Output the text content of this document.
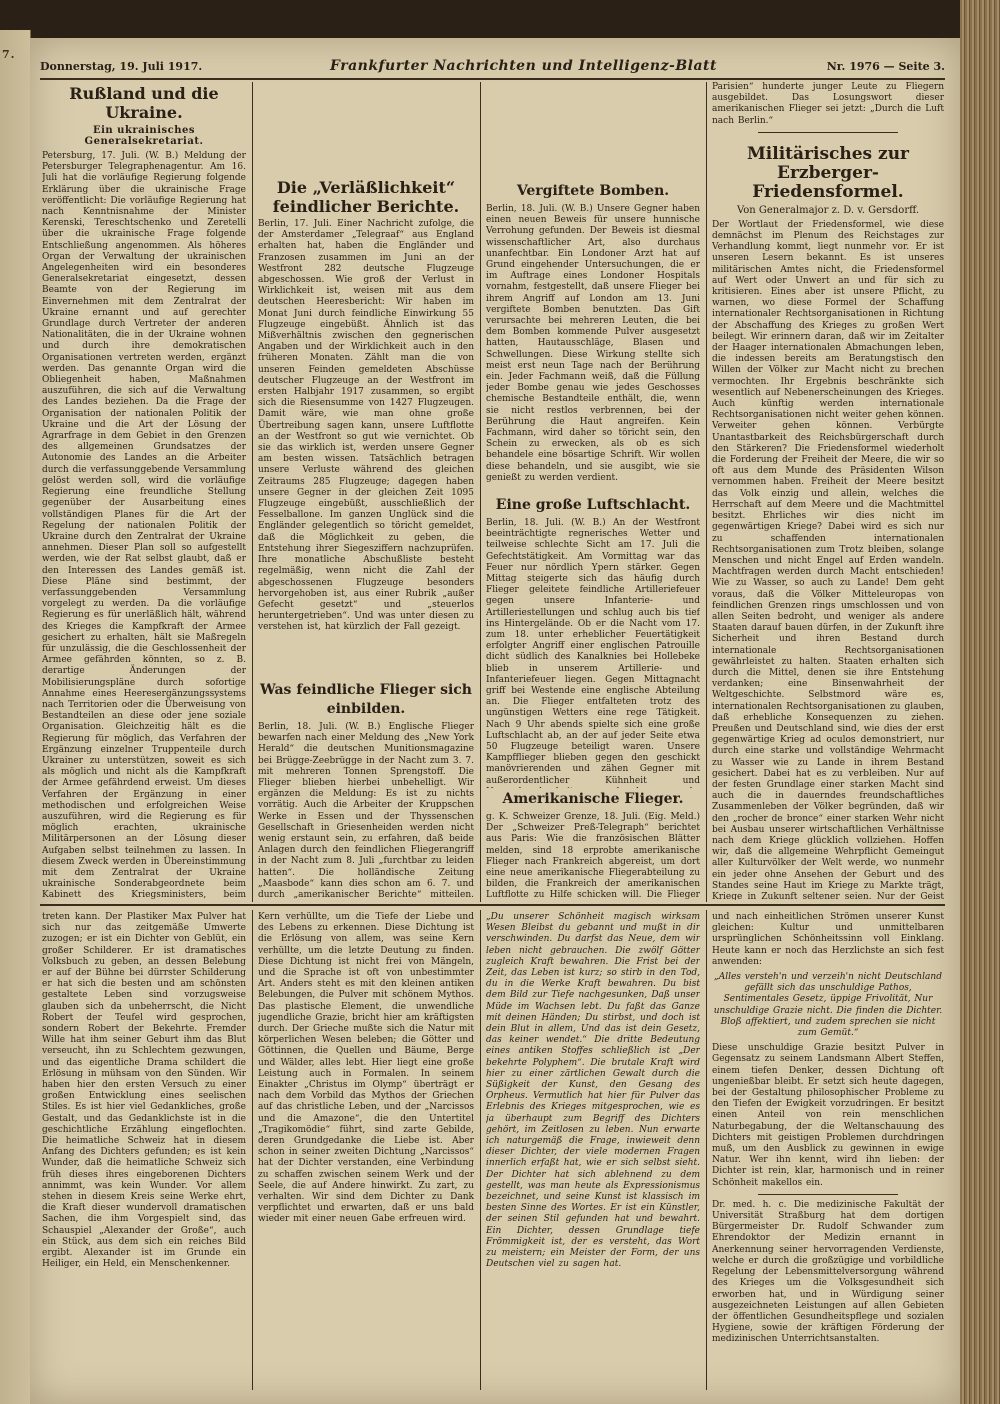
7.
Donnerstag, 19. Juli 1917.	Frankfurter Nachrichten und Intelligenz-Blatt	Nr. 1976 — Seite 3.
Rußland und die Ukraine.
Ein ukrainisches Generalsekretariat.

Petersburg, 17. Juli. (W. B.) Meldung der Petersburger Telegraphenagentur. Am 16. Juli hat die vorläufige Regierung folgende Erklärung über die ukrainische Frage veröffentlicht: Die vorläufige Regierung hat nach Kenntnisnahme der Minister Kerenski, Tereschtschenko und Zeretelli über die ukrainische Frage folgende Entschließung angenommen. Als höheres Organ der Verwaltung der ukrainischen Angelegenheiten wird ein besonderes Generalsekretariat eingesetzt, dessen Beamte von der Regierung im Einvernehmen mit dem Zentralrat der Ukraine ernannt und auf gerechter Grundlage durch Vertreter der anderen Nationalitäten, die in der Ukraine wohnen und durch ihre demokratischen Organisationen vertreten werden, ergänzt werden. Das genannte Organ wird die Obliegenheit haben, Maßnahmen auszuführen, die sich auf die Verwaltung des Landes beziehen. Da die Frage der Organisation der nationalen Politik der Ukraine und die Art der Lösung der Agrarfrage in dem Gebiet in den Grenzen des allgemeinen Grundsatzes der Autonomie des Landes an die Arbeiter durch die verfassunggebende Versammlung gelöst werden soll, wird die vorläufige Regierung eine freundliche Stellung gegenüber der Ausarbeitung eines vollständigen Planes für die Art der Regelung der nationalen Politik der Ukraine durch den Zentralrat der Ukraine annehmen. Dieser Plan soll so aufgestellt werden, wie der Rat selbst glaubt, daß er den Interessen des Landes gemäß ist. Diese Pläne sind bestimmt, der verfassunggebenden Versammlung vorgelegt zu werden. Da die vorläufige Regierung es für unerläßlich hält, während des Krieges die Kampfkraft der Armee gesichert zu erhalten, hält sie Maßregeln für unzulässig, die die Geschlossenheit der Armee gefährden könnten, so z. B. derartige Änderungen der Mobilisierungspläne durch sofortige Annahme eines Heeresergänzungssystems nach Territorien oder die Überweisung von Bestandteilen an diese oder jene soziale Organisation. Gleichzeitig hält es die Regierung für möglich, das Verfahren der Ergänzung einzelner Truppenteile durch Ukrainer zu unterstützen, soweit es sich als möglich und nicht als die Kampfkraft der Armee gefährdend erweist. Um dieses Verfahren der Ergänzung in einer methodischen und erfolgreichen Weise auszuführen, wird die Regierung es für möglich erachten, ukrainische Militärpersonen an der Lösung dieser Aufgaben selbst teilnehmen zu lassen. In diesem Zweck werden in Übereinstimmung mit dem Zentralrat der Ukraine ukrainische Sonderabgeordnete beim Kabinett des Kriegsministers, beim

Die „Verläßlichkeit“ feindlicher Berichte.

Berlin, 17. Juli. Einer Nachricht zufolge, die der Amsterdamer „Telegraaf“ aus England erhalten hat, haben die Engländer und Franzosen zusammen im Juni an der Westfront 282 deutsche Flugzeuge abgeschossen. Wie groß der Verlust in Wirklichkeit ist, weisen mit aus dem deutschen Heeresbericht: Wir haben im Monat Juni durch feindliche Einwirkung 55 Flugzeuge eingebüßt. Ähnlich ist das Mißverhältnis zwischen den gegnerischen Angaben und der Wirklichkeit auch in den früheren Monaten. Zählt man die von unseren Feinden gemeldeten Abschüsse deutscher Flugzeuge an der Westfront im ersten Halbjahr 1917 zusammen, so ergibt sich die Riesensumme von 1427 Flugzeugen. Damit wäre, wie man ohne große Übertreibung sagen kann, unsere Luftflotte an der Westfront so gut wie vernichtet. Ob sie das wirklich ist, werden unsere Gegner am besten wissen. Tatsächlich betragen unsere Verluste während des gleichen Zeitraums 285 Flugzeuge; dagegen haben unsere Gegner in der gleichen Zeit 1095 Flugzeuge eingebüßt, ausschließlich der Fesselballone. Im ganzen Unglück sind die Engländer gelegentlich so töricht gemeldet, daß die Möglichkeit zu geben, die Entstehung ihrer Siegesziffern nachzuprüfen. Ihre monatliche Abschußliste besteht regelmäßig, wenn nicht die Zahl der abgeschossenen Flugzeuge besonders hervorgehoben ist, aus einer Rubrik „außer Gefecht gesetzt“ und „steuerlos heruntergetrieben“. Und was unter diesen zu verstehen ist, hat kürzlich der Fall gezeigt.

Was feindliche Flieger sich einbilden.

Berlin, 18. Juli. (W. B.) Englische Flieger bewarfen nach einer Meldung des „New York Herald“ die deutschen Munitionsmagazine bei Brügge-Zeebrügge in der Nacht zum 3. 7. mit mehreren Tonnen Sprengstoff. Die Flieger blieben hierbei unbehelligt. Wir ergänzen die Meldung: Es ist zu nichts vorrätig. Auch die Arbeiter der Kruppschen Werke in Essen und der Thyssenschen Gesellschaft in Griesenheiden werden nicht wenig erstaunt sein, zu erfahren, daß beide Anlagen durch den feindlichen Fliegerangriff in der Nacht zum 8. Juli „furchtbar zu leiden hatten“. Die holländische Zeitung „Maasbode“ kann dies schon am 6. 7. und durch „amerikanischer Berichte“ mitteilen.

Vergiftete Bomben.

Berlin, 18. Juli. (W. B.) Unsere Gegner haben einen neuen Beweis für unsere hunnische Verrohung gefunden. Der Beweis ist diesmal wissenschaftlicher Art, also durchaus unanfechtbar. Ein Londoner Arzt hat auf Grund eingehender Untersuchungen, die er im Auftrage eines Londoner Hospitals vornahm, festgestellt, daß unsere Flieger bei ihrem Angriff auf London am 13. Juni vergiftete Bomben benutzten. Das Gift verursachte bei mehreren Leuten, die bei dem Bomben kommende Pulver ausgesetzt hatten, Hautausschläge, Blasen und Schwellungen. Diese Wirkung stellte sich meist erst neun Tage nach der Berührung ein. Jeder Fachmann weiß, daß die Füllung jeder Bombe genau wie jedes Geschosses chemische Bestandteile enthält, die, wenn sie nicht restlos verbrennen, bei der Berührung die Haut angreifen. Kein Fachmann, wird daher so töricht sein, den Schein zu erwecken, als ob es sich behandele eine bösartige Schrift. Wir wollen diese behandeln, und sie ausgibt, wie sie genießt zu werden verdient.

Eine große Luftschlacht.

Berlin, 18. Juli. (W. B.) An der Westfront beeinträchtigte regnerisches Wetter und teilweise schlechte Sicht am 17. Juli die Gefechtstätigkeit. Am Vormittag war das Feuer nur nördlich Ypern stärker. Gegen Mittag steigerte sich das häufig durch Flieger geleitete feindliche Artilleriefeuer gegen unsere Infanterie- und Artilleriestellungen und schlug auch bis tief ins Hintergelände. Ob er die Nacht vom 17. zum 18. unter erheblicher Feuertätigkeit erfolgter Angriff einer englischen Patrouille dicht südlich des Kanalknies bei Hollebeke blieb in unserem Artillerie- und Infanteriefeuer liegen. Gegen Mittagnacht griff bei Westende eine englische Abteilung an. Die Flieger entfalteten trotz des ungünstigen Wetters eine rege Tätigkeit. Nach 9 Uhr abends spielte sich eine große Luftschlacht ab, an der auf jeder Seite etwa 50 Flugzeuge beteiligt waren. Unsere Kampfflieger blieben gegen den geschickt manövrierenden und zähen Gegner mit außerordentlicher Kühnheit und

Amerikanische Flieger.

g. K. Schweizer Grenze, 18. Juli. (Eig. Meld.) Der „Schweizer Preß-Telegraph“ berichtet aus Paris: Wie die französischen Blätter melden, sind 18 erprobte amerikanische Flieger nach Frankreich abgereist, um dort eine neue amerikanische Fliegerabteilung zu bilden, die Frankreich der amerikanischen Luftflotte zu Hilfe schicken will. Die Flieger

Parisien“ hunderte junger Leute zu Fliegern ausgebildet. Das Losungswort dieser amerikanischen Flieger sei jetzt: „Durch die Luft nach Berlin.“

Militärisches zur Erzberger-Friedensformel.
Von Generalmajor z. D. v. Gersdorff.

Der Wortlaut der Friedensformel, wie diese demnächst im Plenum des Reichstages zur Verhandlung kommt, liegt nunmehr vor. Er ist unseren Lesern bekannt. Es ist unseres militärischen Amtes nicht, die Friedensformel auf Wert oder Unwert an und für sich zu kritisieren. Eines aber ist unsere Pflicht, zu warnen, wo diese Formel der Schaffung internationaler Rechtsorganisationen in Richtung der Abschaffung des Krieges zu großen Wert beilegt. Wir erinnern daran, daß wir im Zeitalter der Haager internationalen Abmachungen leben, die indessen bereits am Beratungstisch den Willen der Völker zur Macht nicht zu brechen vermochten. Ihr Ergebnis beschränkte sich wesentlich auf Nebenerscheinungen des Krieges. Auch künftig werden internationale Rechtsorganisationen nicht weiter gehen können. Verweiter gehen können. Verbürgte Unantastbarkeit des Reichsbürgerschaft durch den Stärkeren? Die Friedensformel wiederholt die Forderung der Freiheit der Meere, die wir so oft aus dem Munde des Präsidenten Wilson vernommen haben. Freiheit der Meere besitzt das Volk einzig und allein, welches die Herrschaft auf dem Meere und die Machtmittel besitzt. Ehrliches wir dies nicht im gegenwärtigen Kriege? Dabei wird es sich nur zu schaffenden internationalen Rechtsorganisationen zum Trotz bleiben, solange Menschen und nicht Engel auf Erden wandeln. Machtfragen werden durch Macht entschieden! Wie zu Wasser, so auch zu Lande! Dem geht voraus, daß die Völker Mitteleuropas von feindlichen Grenzen rings umschlossen und von allen Seiten bedroht, und weniger als andere Staaten darauf bauen dürfen, in der Zukunft ihre Sicherheit und ihren Bestand durch internationale Rechtsorganisationen gewährleistet zu halten. Staaten erhalten sich durch die Mittel, denen sie ihre Entstehung verdanken; eine Binsenwahrheit der Weltgeschichte. Selbstmord wäre es, internationalen Rechtsorganisationen zu glauben, daß erhebliche Konsequenzen zu ziehen. Preußen und Deutschland sind, wie dies der erst gegenwärtige Krieg ad oculos demonstriert, nur durch eine starke und vollständige Wehrmacht zu Wasser wie zu Lande in ihrem Bestand gesichert. Dabei hat es zu verbleiben. Nur auf der festen Grundlage einer starken Macht sind auch die in dauerndes freundschaftliches Zusammenleben der Völker begründen, daß wir den „rocher de bronce“ einer starken Wehr nicht bei Ausbau unserer wirtschaftlichen Verhältnisse nach dem Kriege glücklich vollziehen. Hoffen wir, daß die allgemeine Wehrpflicht Gemeingut aller Kulturvölker der Welt werde, wo nunmehr ein jeder ohne Ansehen der Geburt und des Standes seine Haut im Kriege zu Markte trägt, Kriege in Zukunft seltener seien. Nur der Geist

treten kann. Der Plastiker Max Pulver hat sich nur das zeitgemäße Umwerte zuzogen; er ist ein Dichter von Geblüt, ein großer Schilderer. Er ist dramatisches Volksbuch zu geben, an dessen Belebung er auf der Bühne bei dürrster Schilderung er hat sich die besten und am schönsten gestaltete Leben sind vorzugsweise glauben sich da unbeherrscht, die Nicht Robert der Teufel wird gesprochen, sondern Robert der Bekehrte. Fremder Wille hat ihm seiner Geburt ihm das Blut verseucht, ihn zu Schlechtem gezwungen, und das eigentliche Drama schildert die Erlösung in mühsam von den Sünden. Wir haben hier den ersten Versuch zu einer großen Entwicklung eines seelischen Stiles. Es ist hier viel Gedankliches, große Gestalt, und das Gedanklichste ist in die geschichtliche Erzählung eingeflochten. Die heimatliche Schweiz hat in diesem Anfang des Dichters gefunden; es ist kein Wunder, daß die heimatliche Schweiz sich früh dieses ihres eingeborenen Dichters annimmt, was kein Wunder. Vor allem stehen in diesem Kreis seine Werke ehrt, die Kraft dieser wundervoll dramatischen Sachen, die ihm Vorgespielt sind, das Schauspiel „Alexander der Große“, auch ein Stück, aus dem sich ein reiches Bild ergibt. Alexander ist im Grunde ein Heiliger, ein Held, ein Menschenkenner.

Kern verhüllte, um die Tiefe der Liebe und des Lebens zu erkennen. Diese Dichtung ist die Erlösung von allem, was seine Kern verhüllte, um die letzte Deutung zu finden. Diese Dichtung ist nicht frei von Mängeln, und die Sprache ist oft von unbestimmter Art. Anders steht es mit den kleinen antiken Belebungen, die Pulver mit schönem Mythos. Das plastische Element, die unwendliche jugendliche Grazie, bricht hier am kräftigsten durch. Der Grieche mußte sich die Natur mit körperlichen Wesen beleben; die Götter und Göttinnen, die Quellen und Bäume, Berge und Wälder, alles lebt. Hier liegt eine große Leistung auch in Formalen. In seinem Einakter „Christus im Olymp“ überträgt er nach dem Vorbild das Mythos der Griechen auf das christliche Leben, und der „Narcissos und die Amazone“, die den Untertitel „Tragikomödie“ führt, sind zarte Gebilde, deren Grundgedanke die Liebe ist. Aber schon in seiner zweiten Dichtung „Narcissos“ hat der Dichter verstanden, eine Verbindung zu schaffen zwischen seinem Werk und der Seele, die auf Andere hinwirkt. Zu zart, zu verhalten. Wir sind dem Dichter zu Dank verpflichtet und erwarten, daß er uns bald wieder mit einer neuen Gabe erfreuen wird.

„Du unserer Schönheit magisch wirksam Wesen Bleibst du gebannt und mußt in dir verschwinden. Du darfst das Neue, dem wir leben nicht gebrauchen. Die zwölf Götter zugleich Kraft bewahren. Die Frist bei der Zeit, das Leben ist kurz; so stirb in den Tod, du in die Werke Kraft bewahren. Du bist dem Bild zur Tiefe nachgesunken, Daß unser Müde im Wachsen lebt. Du faßt das Ganze mit deinen Händen; Du stirbst, und doch ist dein Blut in allem, Und das ist dein Gesetz, das keiner wendet.“ Die dritte Bedeutung eines antiken Stoffes schließlich ist „Der bekehrte Polyphem“. Die brutale Kraft wird hier zu einer zärtlichen Gewalt durch die Süßigkeit der Kunst, den Gesang des Orpheus. Vermutlich hat hier für Pulver das Erlebnis des Krieges mitgesprochen, wie es ja überhaupt zum Begriff des Dichters gehört, im Zeitlosen zu leben. Nun erwarte ich naturgemäß die Frage, inwieweit denn dieser Dichter, der viele modernen Fragen innerlich erfaßt hat, wie er sich selbst sieht. Der Dichter hat sich ablehnend zu dem gestellt, was man heute als Expressionismus bezeichnet, und seine Kunst ist klassisch im besten Sinne des Wortes. Er ist ein Künstler, der seinen Stil gefunden hat und bewahrt. Ein Dichter, dessen Grundlage tiefe Frömmigkeit ist, der es versteht, das Wort zu meistern; ein Meister der Form, der uns Deutschen viel zu sagen hat.

und nach einheitlichen Strömen unserer Kunst gleichen: Kultur und unmittelbaren ursprünglichen Schönheitssinn voll Einklang. Heute kann er noch das Herzlichste an sich fest anwenden:

„Alles versteh'n und verzeih'n nicht Deutschland gefällt sich das unschuldige Pathos, Sentimentales Gesetz, üppige Frivolität, Nur unschuldige Grazie nicht. Die finden die Dichter. Bloß affektiert, und zudem sprechen sie nicht zum Gemüt.“

Diese unschuldige Grazie besitzt Pulver in Gegensatz zu seinem Landsmann Albert Steffen, einem tiefen Denker, dessen Dichtung oft ungenießbar bleibt. Er setzt sich heute dagegen, bei der Gestaltung philosophischer Probleme zu den Tiefen der Ewigkeit vorzudringen. Er besitzt einen Anteil von rein menschlichen Naturbegabung, der die Weltanschauung des Dichters mit geistigen Problemen durchdringen muß, um den Ausblick zu gewinnen in ewige Natur. Wer ihn kennt, wird ihn lieben: der Dichter ist rein, klar, harmonisch und in reiner Schönheit makellos ein.

Dr. med. h. c. Die medizinische Fakultät der Universität Straßburg hat dem dortigen Bürgermeister Dr. Rudolf Schwander zum Ehrendoktor der Medizin ernannt in Anerkennung seiner hervorragenden Verdienste, welche er durch die großzügige und vorbildliche Regelung der Lebensmittelversorgung während des Krieges um die Volksgesundheit sich erworben hat, und in Würdigung seiner ausgezeichneten Leistungen auf allen Gebieten der öffentlichen Gesundheitspflege und sozialen Hygiene, sowie der kräftigen Förderung der medizinischen Unterrichtsanstalten.
